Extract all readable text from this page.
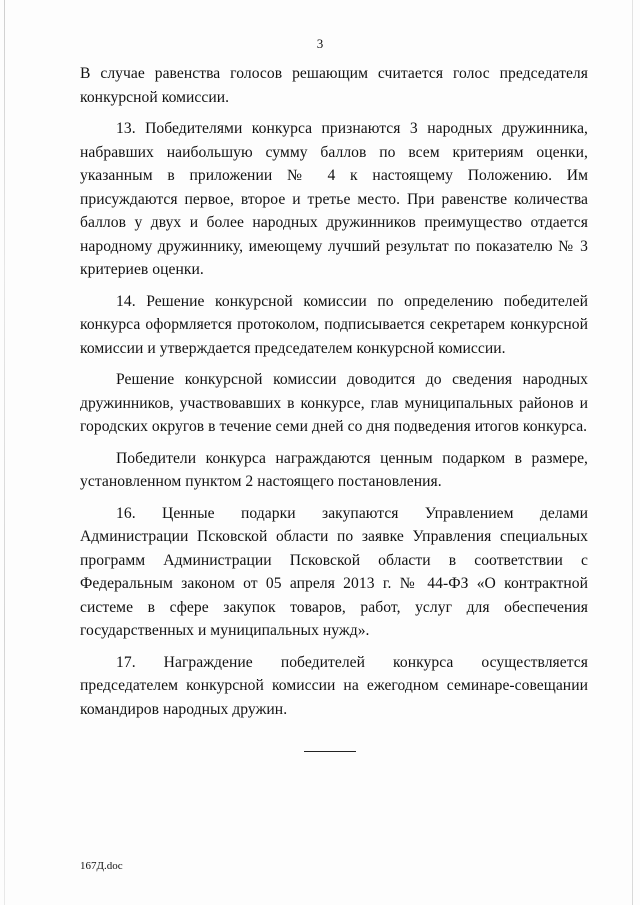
3

В случае равенства голосов решающим считается голос председателя конкурсной комиссии.

13. Победителями конкурса признаются 3 народных дружинника, набравших наибольшую сумму баллов по всем критериям оценки, указанным в приложении № 4 к настоящему Положению. Им присуждаются первое, второе и третье место. При равенстве количества баллов у двух и более народных дружинников преимущество отдается народному дружиннику, имеющему лучший результат по показателю № 3 критериев оценки.

14. Решение конкурсной комиссии по определению победителей конкурса оформляется протоколом, подписывается секретарем конкурсной комиссии и утверждается председателем конкурсной комиссии.

Решение конкурсной комиссии доводится до сведения народных дружинников, участвовавших в конкурсе, глав муниципальных районов и городских округов в течение семи дней со дня подведения итогов конкурса.

Победители конкурса награждаются ценным подарком в размере, установленном пунктом 2 настоящего постановления.

16. Ценные подарки закупаются Управлением делами Администрации Псковской области по заявке Управления специальных программ Администрации Псковской области в соответствии с Федеральным законом от 05 апреля 2013 г. № 44-ФЗ «О контрактной системе в сфере закупок товаров, работ, услуг для обеспечения государственных и муниципальных нужд».

17. Награждение победителей конкурса осуществляется председателем конкурсной комиссии на ежегодном семинаре-совещании командиров народных дружин.

167Д.doc
